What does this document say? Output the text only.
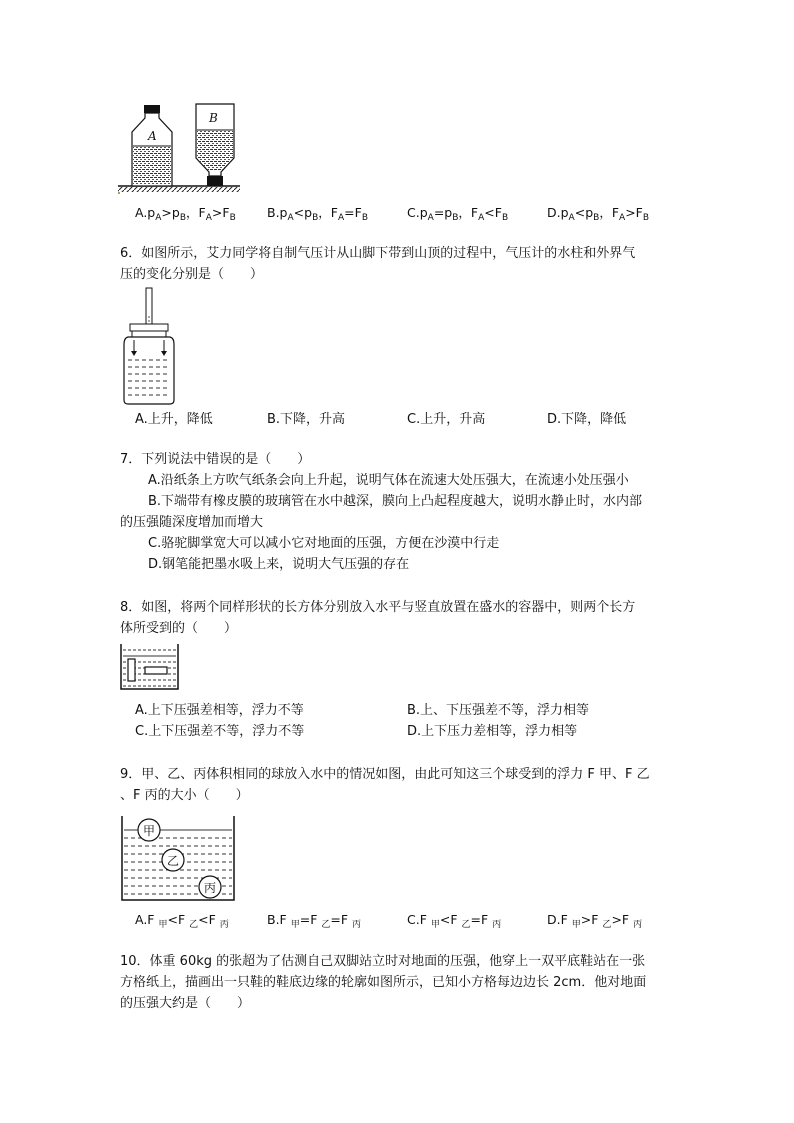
A
B
$A.p_A>p_B$，$F_A>F_B$ $B.p_A<p_B$，$F_A=F_B$	$C.p_A=p_B$，$F_A<F_B$	$D.p_A<p_B$，$F_A>F_B$
6．如图所示，艾力同学将自制气压计从山脚下带到山顶的过程中，气压计的水柱和外界气
压的变化分别是（　　）
A.上升，降低	B.下降，升高	C.上升，升高	D.下降，降低
7．下列说法中错误的是（　　）
A.沿纸条上方吹气纸条会向上升起，说明气体在流速大处压强大，在流速小处压强小
B.下端带有橡皮膜的玻璃管在水中越深，膜向上凸起程度越大，说明水静止时，水内部
的压强随深度增加而增大
C.骆驼脚掌宽大可以减小它对地面的压强，方便在沙漠中行走
D.钢笔能把墨水吸上来，说明大气压强的存在
8．如图，将两个同样形状的长方体分别放入水平与竖直放置在盛水的容器中，则两个长方
体所受到的（　　）
A.上下压强差相等，浮力不等	B.上、下压强差不等，浮力相等
C.上下压强差不等，浮力不等	D.上下压力差相等，浮力相等
9．甲、乙、丙体积相同的球放入水中的情况如图，由此可知这三个球受到的浮力 F 甲、F 乙
、F 丙的大小（　　）
甲
乙
丙
A.F $_甲$<F $_乙$<F $_丙$	B.F $_甲$=F $_乙$=F $_丙$	C.F $_甲$<F $_乙$=F $_丙$	D.F $_甲$>F $_乙$>F $_丙$
10．体重 60kg 的张超为了估测自己双脚站立时对地面的压强，他穿上一双平底鞋站在一张
方格纸上，描画出一只鞋的鞋底边缘的轮廓如图所示，已知小方格每边边长 2cm．他对地面
的压强大约是（　　）
